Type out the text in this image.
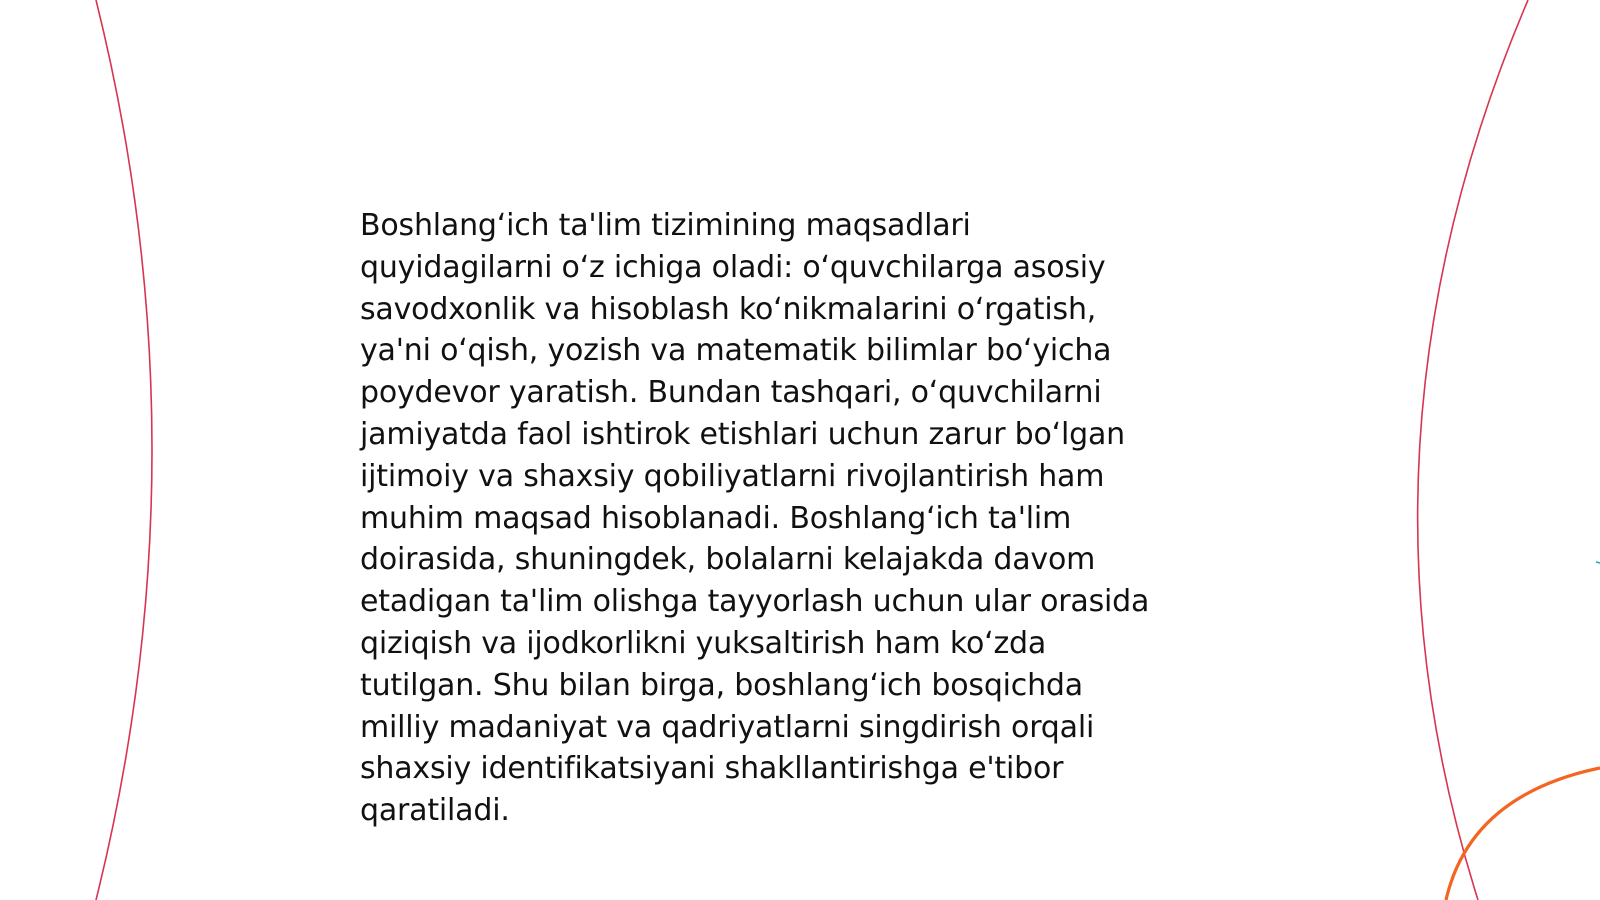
Boshlang‘ich ta'lim tizimining maqsadlari
quyidagilarni o‘z ichiga oladi: o‘quvchilarga asosiy
savodxonlik va hisoblash ko‘nikmalarini o‘rgatish,
ya'ni o‘qish, yozish va matematik bilimlar bo‘yicha
poydevor yaratish. Bundan tashqari, o‘quvchilarni
jamiyatda faol ishtirok etishlari uchun zarur bo‘lgan
ijtimoiy va shaxsiy qobiliyatlarni rivojlantirish ham
muhim maqsad hisoblanadi. Boshlang‘ich ta'lim
doirasida, shuningdek, bolalarni kelajakda davom
etadigan ta'lim olishga tayyorlash uchun ular orasida
qiziqish va ijodkorlikni yuksaltirish ham ko‘zda
tutilgan. Shu bilan birga, boshlang‘ich bosqichda
milliy madaniyat va qadriyatlarni singdirish orqali
shaxsiy identifikatsiyani shakllantirishga e'tibor
qaratiladi.
